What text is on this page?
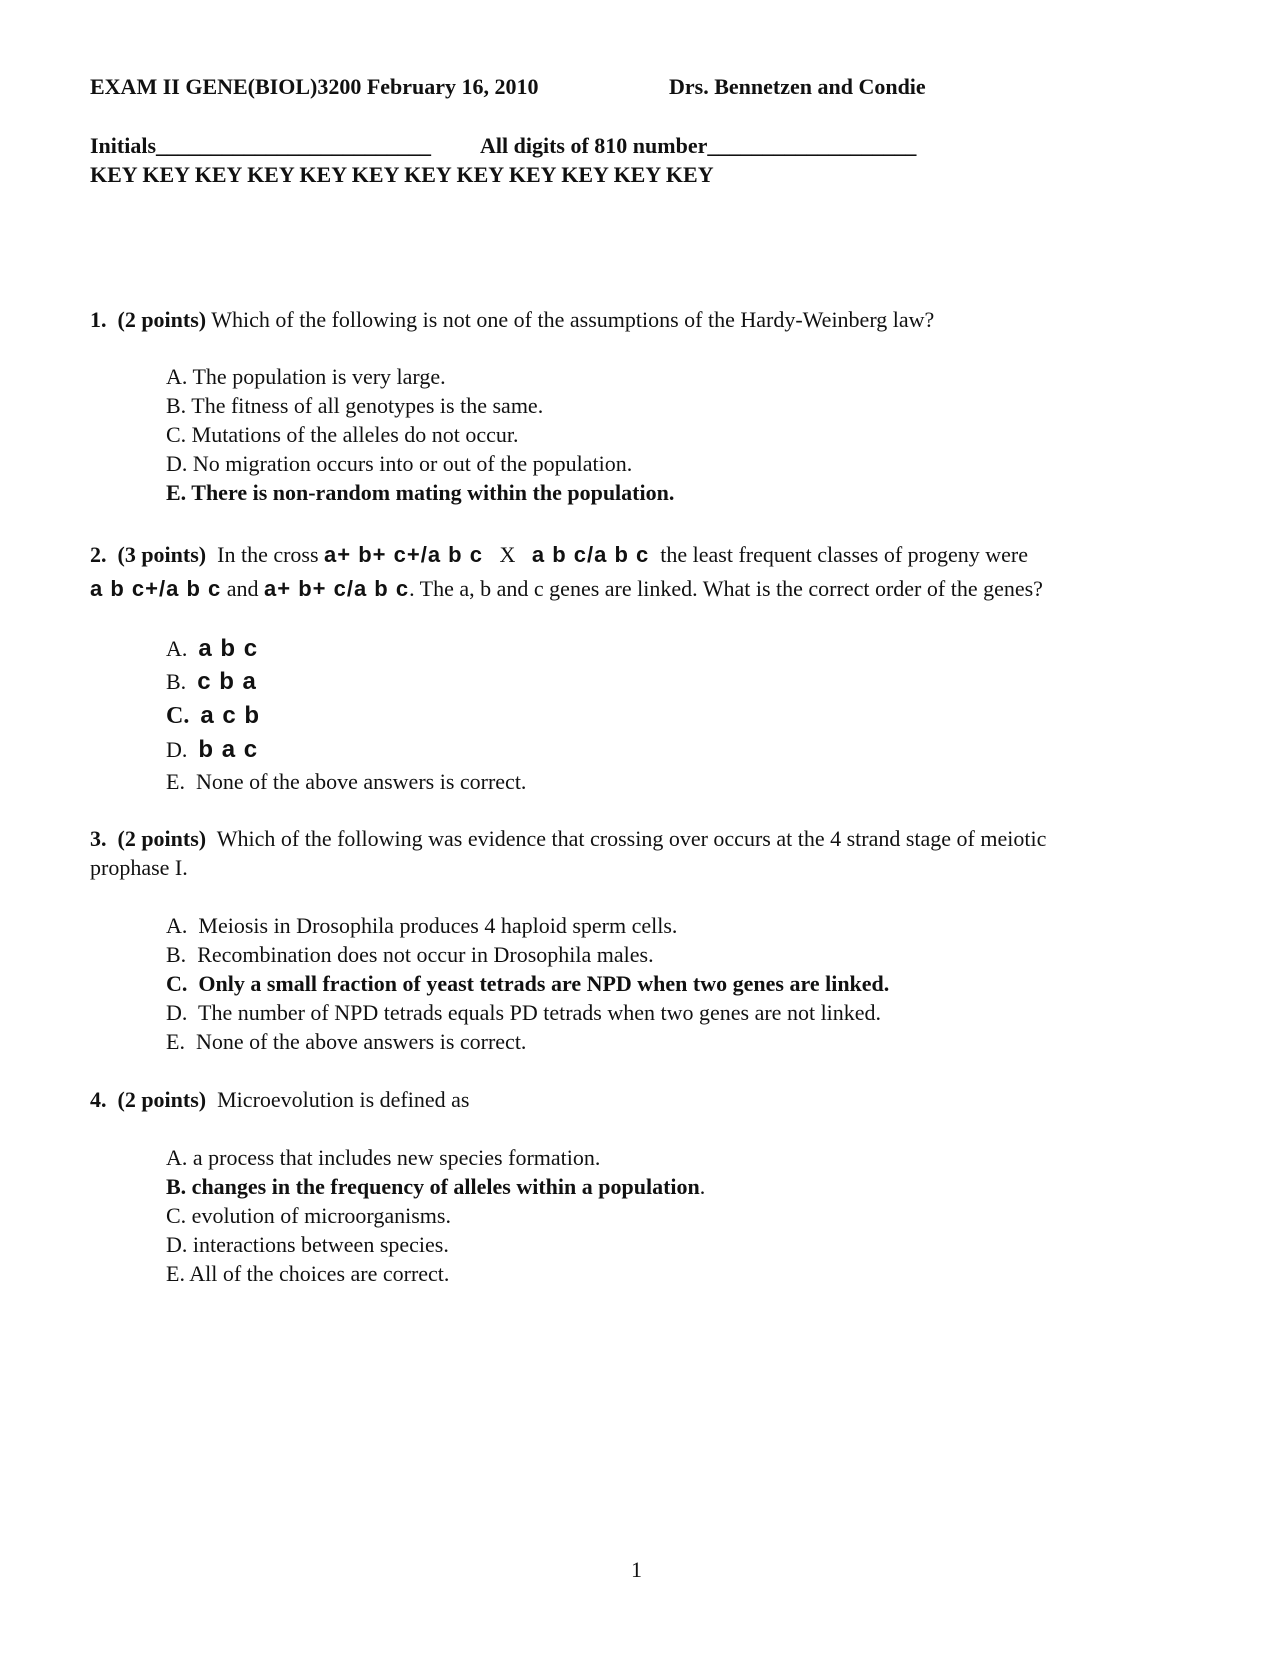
EXAM II GENE(BIOL)3200 February 16, 2010	Drs. Bennetzen and Condie
Initials_________________________ All digits of 810 number___________________
KEY KEY KEY KEY KEY KEY KEY KEY KEY KEY KEY KEY
1. (2 points) Which of the following is not one of the assumptions of the Hardy-Weinberg law?
A. The population is very large.
B. The fitness of all genotypes is the same.
C. Mutations of the alleles do not occur.
D. No migration occurs into or out of the population.
E. There is non-random mating within the population.
2. (3 points) In the cross a+ b+ c+/a b c X a b c/a b c the least frequent classes of progeny were
a b c+/a b c and a+ b+ c/a b c. The a, b and c genes are linked. What is the correct order of the genes?
A. a b c
B. c b a
C. a c b
D. b a c
E. None of the above answers is correct.
3. (2 points) Which of the following was evidence that crossing over occurs at the 4 strand stage of meiotic
prophase I.
A. Meiosis in Drosophila produces 4 haploid sperm cells.
B. Recombination does not occur in Drosophila males.
C. Only a small fraction of yeast tetrads are NPD when two genes are linked.
D. The number of NPD tetrads equals PD tetrads when two genes are not linked.
E. None of the above answers is correct.
4. (2 points) Microevolution is defined as
A. a process that includes new species formation.
B. changes in the frequency of alleles within a population.
C. evolution of microorganisms.
D. interactions between species.
E. All of the choices are correct.
1
